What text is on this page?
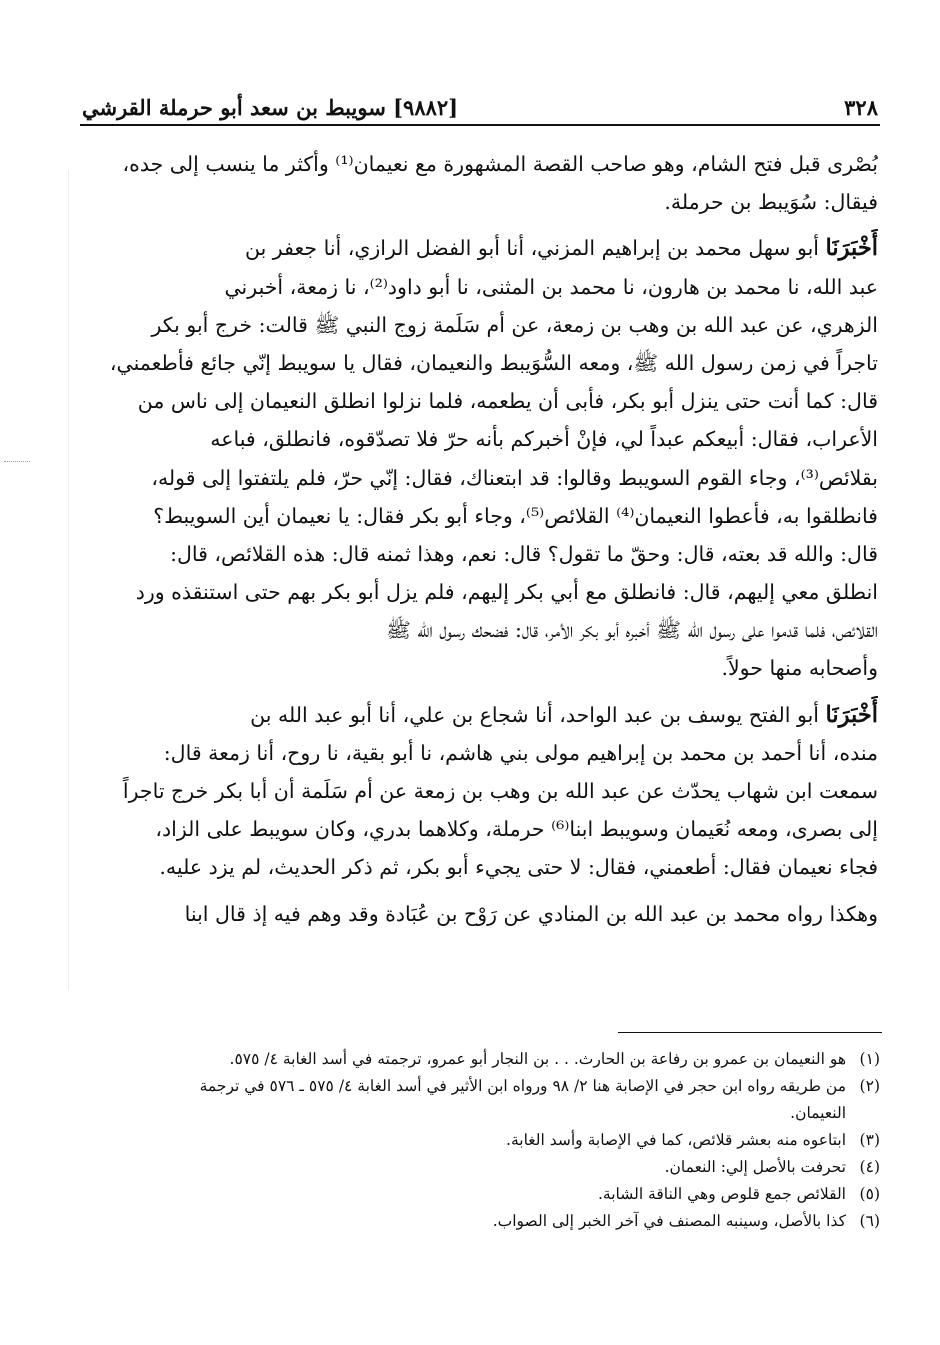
٣٢٨
[٩٨٨٢] سويبط بن سعد أبو حرملة القرشي

بُصْرى قبل فتح الشام، وهو صاحب القصة المشهورة مع نعيمان⁽¹⁾ وأكثر ما ينسب إلى جده،
فيقال: سُوَيبط بن حرملة.

أَخْبَرَنَا أبو سهل محمد بن إبراهيم المزني، أنا أبو الفضل الرازي، أنا جعفر بن
عبد الله، نا محمد بن هارون، نا محمد بن المثنى، نا أبو داود⁽²⁾، نا زمعة، أخبرني
الزهري، عن عبد الله بن وهب بن زمعة، عن أم سَلَمة زوج النبي ﷺ قالت: خرج أبو بكر
تاجراً في زمن رسول الله ﷺ، ومعه السُّوَيبط والنعيمان، فقال يا سويبط إنّي جائع فأطعمني،
قال: كما أنت حتى ينزل أبو بكر، فأبى أن يطعمه، فلما نزلوا انطلق النعيمان إلى ناس من
الأعراب، فقال: أبيعكم عبداً لي، فإنْ أخبركم بأنه حرّ فلا تصدّقوه، فانطلق، فباعه
بقلائص⁽³⁾، وجاء القوم السويبط وقالوا: قد ابتعناك، فقال: إنّي حرّ، فلم يلتفتوا إلى قوله،
فانطلقوا به، فأعطوا النعيمان⁽⁴⁾ القلائص⁽⁵⁾، وجاء أبو بكر فقال: يا نعيمان أين السويبط؟
قال: والله قد بعته، قال: وحقّ ما تقول؟ قال: نعم، وهذا ثمنه قال: هذه القلائص، قال:
انطلق معي إليهم، قال: فانطلق مع أبي بكر إليهم، فلم يزل أبو بكر بهم حتى استنقذه ورد
القلائص، فلما قدموا على رسول الله ﷺ أخبره أبو بكر الأمر، قال: فضحك رسول الله ﷺ
وأصحابه منها حولاً.

أَخْبَرَنَا أبو الفتح يوسف بن عبد الواحد، أنا شجاع بن علي، أنا أبو عبد الله بن
منده، أنا أحمد بن محمد بن إبراهيم مولى بني هاشم، نا أبو بقية، نا روح، أنا زمعة قال:
سمعت ابن شهاب يحدّث عن عبد الله بن وهب بن زمعة عن أم سَلَمة أن أبا بكر خرج تاجراً
إلى بصرى، ومعه نُعَيمان وسويبط ابنا⁽⁶⁾ حرملة، وكلاهما بدري، وكان سويبط على الزاد،
فجاء نعيمان فقال: أطعمني، فقال: لا حتى يجيء أبو بكر، ثم ذكر الحديث، لم يزد عليه.

وهكذا رواه محمد بن عبد الله بن المنادي عن رَوْح بن عُبَادة وقد وهم فيه إذ قال ابنا

(١)
هو النعيمان بن عمرو بن رفاعة بن الحارث. . . بن النجار أبو عمرو، ترجمته في أسد الغابة ٤/ ٥٧٥.
(٢)
من طريقه رواه ابن حجر في الإصابة هنا ٢/ ٩٨ ورواه ابن الأثير في أسد الغابة ٤/ ٥٧٥ ـ ٥٧٦ في ترجمة
النعيمان.
(٣)
ابتاعوه منه بعشر قلائص، كما في الإصابة وأسد الغابة.
(٤)
تحرفت بالأصل إلي: النعمان.
(٥)
القلائص جمع قلوص وهي الناقة الشابة.
(٦)
كذا بالأصل، وسينبه المصنف في آخر الخبر إلى الصواب.
